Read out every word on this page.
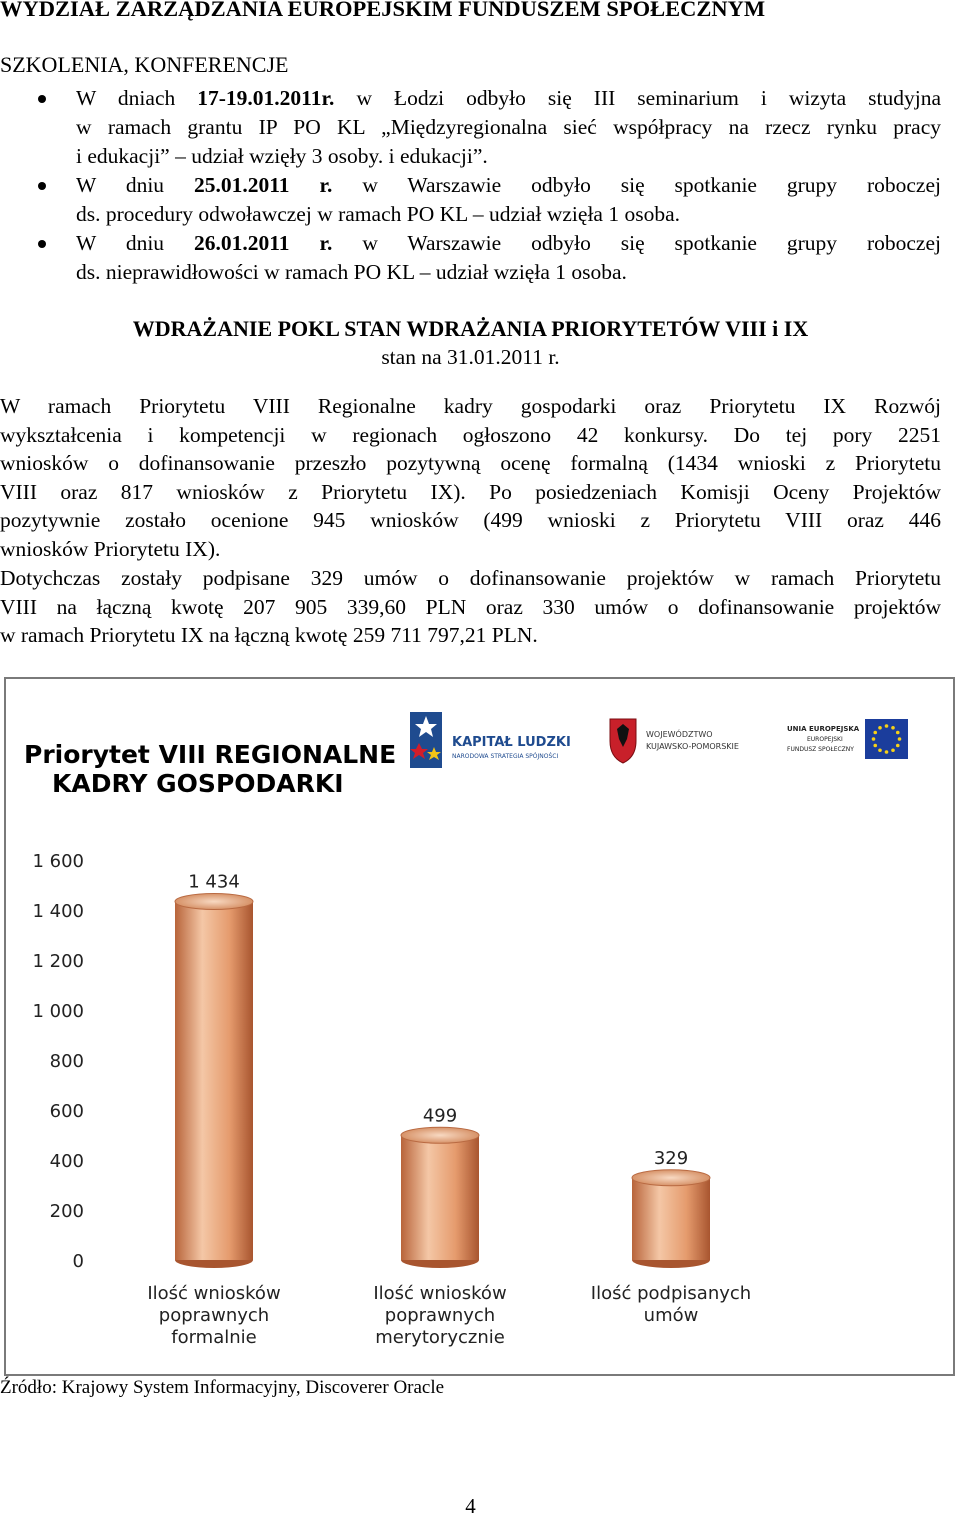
WYDZIAŁ ZARZĄDZANIA EUROPEJSKIM FUNDUSZEM SPOŁECZNYM
SZKOLENIA, KONFERENCJE
W dniach 17-19.01.2011r. w Łodzi odbyło się III seminarium i wizyta studyjna
w ramach grantu IP PO KL „Międzyregionalna sieć współpracy na rzecz rynku pracy
i edukacji” – udział wzięły 3 osoby. i edukacji”.
W dniu 25.01.2011 r. w Warszawie odbyło się spotkanie grupy roboczej
ds. procedury odwoławczej w ramach PO KL – udział wzięła 1 osoba.
W dniu 26.01.2011 r. w Warszawie odbyło się spotkanie grupy roboczej
ds. nieprawidłowości w ramach PO KL – udział wzięła 1 osoba.
WDRAŻANIE POKL STAN WDRAŻANIA PRIORYTETÓW VIII i IX
stan na 31.01.2011 r.
W ramach Priorytetu VIII Regionalne kadry gospodarki oraz Priorytetu IX Rozwój
wykształcenia i kompetencji w regionach ogłoszono 42 konkursy. Do tej pory 2251
wniosków o dofinansowanie przeszło pozytywną ocenę formalną (1434 wnioski z Priorytetu
VIII oraz 817 wniosków z Priorytetu IX). Po posiedzeniach Komisji Oceny Projektów
pozytywnie zostało ocenione 945 wniosków (499 wnioski z Priorytetu VIII oraz 446
wniosków Priorytetu IX).
Dotychczas zostały podpisane 329 umów o dofinansowanie projektów w ramach Priorytetu
VIII na łączną kwotę 207 905 339,60 PLN oraz 330 umów o dofinansowanie projektów
w ramach Priorytetu IX na łączną kwotę 259 711 797,21 PLN.
Priorytet VIII REGIONALNE
KADRY GOSPODARKI
KAPITAŁ LUDZKI
NARODOWA STRATEGIA SPÓJNOŚCI
WOJEWÓDZTWO
KUJAWSKO-POMORSKIE
UNIA EUROPEJSKA
EUROPEJSKI
FUNDUSZ SPOŁECZNY
0
200
400
600
800
1 000
1 200
1 400
1 600
1 434
499
329
Ilość wniosków
poprawnych
formalnie
Ilość wniosków
poprawnych
merytorycznie
Ilość podpisanych
umów
Źródło: Krajowy System Informacyjny, Discoverer Oracle
4
